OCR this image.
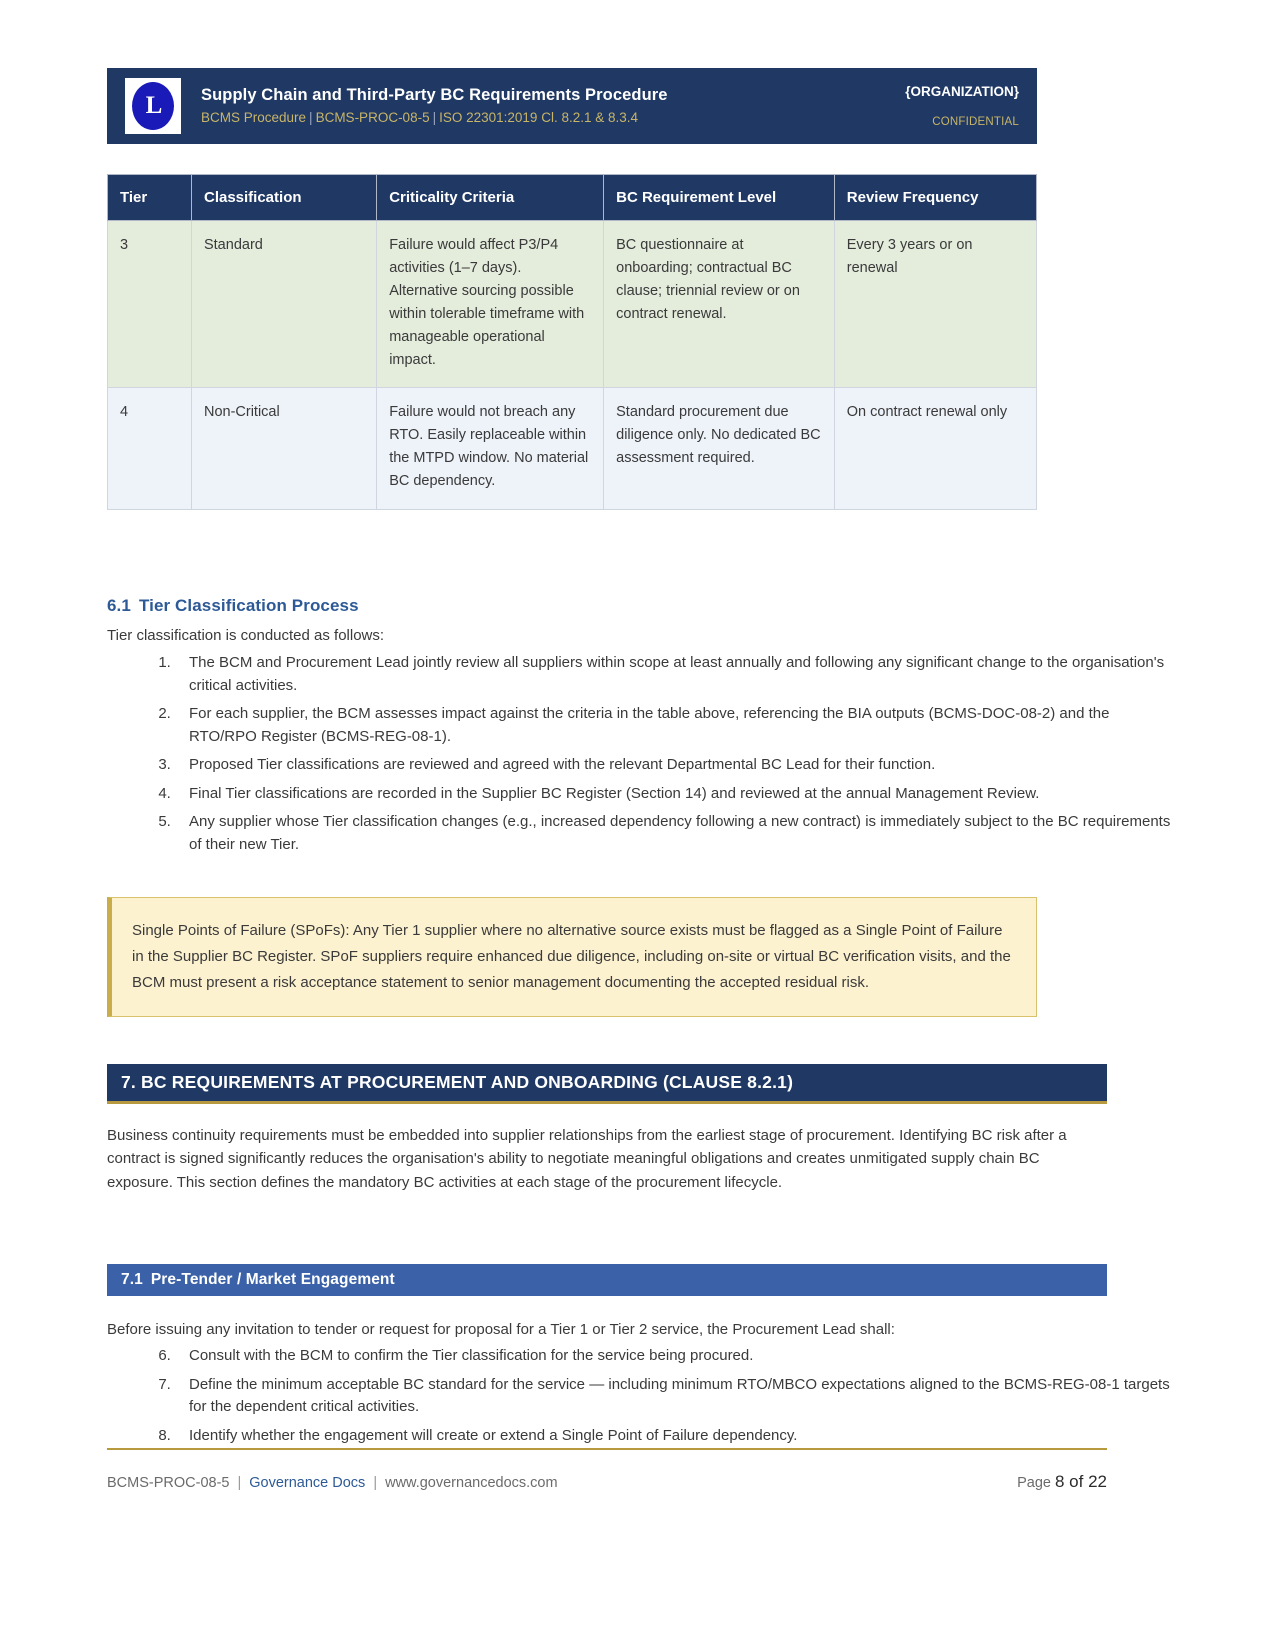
L	Supply Chain and Third-Party BC Requirements Procedure
BCMS Procedure | BCMS-PROC-08-5 | ISO 22301:2019 Cl. 8.2.1 & 8.3.4
{ORGANIZATION}
CONFIDENTIAL
Tier	Classification	Criticality Criteria	BC Requirement Level	Review Frequency
3	Standard	Failure would affect P3/P4 activities (1–7 days). Alternative sourcing possible within tolerable timeframe with manageable operational impact.	BC questionnaire at onboarding; contractual BC clause; triennial review or on contract renewal.	Every 3 years or on renewal
4	Non-Critical	Failure would not breach any RTO. Easily replaceable within the MTPD window. No material BC dependency.	Standard procurement due diligence only. No dedicated BC assessment required.	On contract renewal only
6.1 Tier Classification Process
Tier classification is conducted as follows:
1. The BCM and Procurement Lead jointly review all suppliers within scope at least annually and following any significant change to the organisation's critical activities.
2. For each supplier, the BCM assesses impact against the criteria in the table above, referencing the BIA outputs (BCMS-DOC-08-2) and the RTO/RPO Register (BCMS-REG-08-1).
3. Proposed Tier classifications are reviewed and agreed with the relevant Departmental BC Lead for their function.
4. Final Tier classifications are recorded in the Supplier BC Register (Section 14) and reviewed at the annual Management Review.
5. Any supplier whose Tier classification changes (e.g., increased dependency following a new contract) is immediately subject to the BC requirements of their new Tier.
Single Points of Failure (SPoFs): Any Tier 1 supplier where no alternative source exists must be flagged as a Single Point of Failure in the Supplier BC Register. SPoF suppliers require enhanced due diligence, including on-site or virtual BC verification visits, and the BCM must present a risk acceptance statement to senior management documenting the accepted residual risk.
7. BC REQUIREMENTS AT PROCUREMENT AND ONBOARDING (CLAUSE 8.2.1)
Business continuity requirements must be embedded into supplier relationships from the earliest stage of procurement. Identifying BC risk after a contract is signed significantly reduces the organisation's ability to negotiate meaningful obligations and creates unmitigated supply chain BC exposure. This section defines the mandatory BC activities at each stage of the procurement lifecycle.
7.1 Pre-Tender / Market Engagement
Before issuing any invitation to tender or request for proposal for a Tier 1 or Tier 2 service, the Procurement Lead shall:
6. Consult with the BCM to confirm the Tier classification for the service being procured.
7. Define the minimum acceptable BC standard for the service — including minimum RTO/MBCO expectations aligned to the BCMS-REG-08-1 targets for the dependent critical activities.
8. Identify whether the engagement will create or extend a Single Point of Failure dependency.
BCMS-PROC-08-5 | Governance Docs | www.governancedocs.com	Page 8 of 22
